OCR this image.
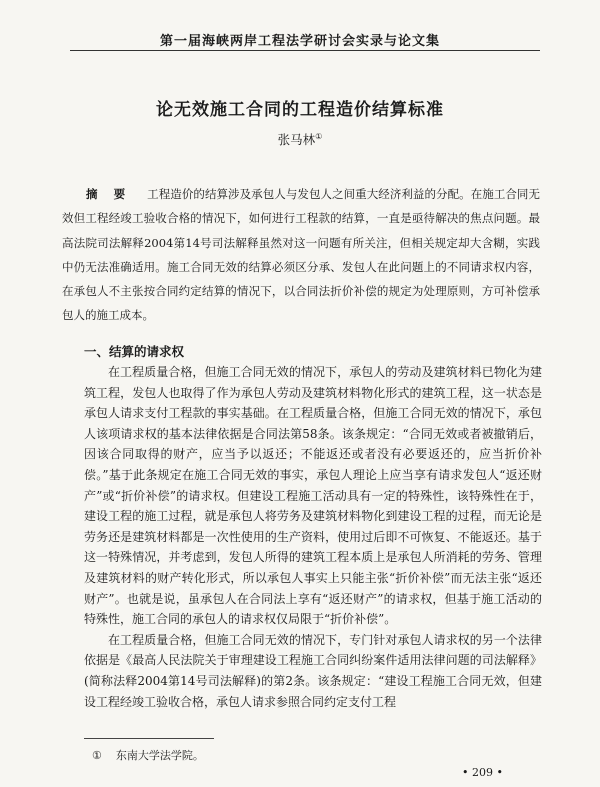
第一届海峡两岸工程法学研讨会实录与论文集
论无效施工合同的工程造价结算标准
张马林①
摘 要 工程造价的结算涉及承包人与发包人之间重大经济利益的分配。在施工合同无效但工程经竣工验收合格的情况下，如何进行工程款的结算，一直是亟待解决的焦点问题。最高法院司法解释2004第14号司法解释虽然对这一问题有所关注，但相关规定却大含糊，实践中仍无法准确适用。施工合同无效的结算必须区分承、发包人在此问题上的不同请求权内容，在承包人不主张按合同约定结算的情况下，以合同法折价补偿的规定为处理原则，方可补偿承包人的施工成本。
一、结算的请求权

在工程质量合格，但施工合同无效的情况下，承包人的劳动及建筑材料已物化为建筑工程，发包人也取得了作为承包人劳动及建筑材料物化形式的建筑工程，这一状态是承包人请求支付工程款的事实基础。在工程质量合格，但施工合同无效的情况下，承包人该项请求权的基本法律依据是合同法第58条。该条规定：“合同无效或者被撤销后，因该合同取得的财产，应当予以返还；不能返还或者没有必要返还的，应当折价补偿。”基于此条规定在施工合同无效的事实，承包人理论上应当享有请求发包人“返还财产”或“折价补偿”的请求权。但建设工程施工活动具有一定的特殊性，该特殊性在于，建设工程的施工过程，就是承包人将劳务及建筑材料物化到建设工程的过程，而无论是劳务还是建筑材料都是一次性使用的生产资料，使用过后即不可恢复、不能返还。基于这一特殊情况，并考虑到，发包人所得的建筑工程本质上是承包人所消耗的劳务、管理及建筑材料的财产转化形式，所以承包人事实上只能主张“折价补偿”而无法主张“返还财产”。也就是说，虽承包人在合同法上享有“返还财产”的请求权，但基于施工活动的特殊性，施工合同的承包人的请求权仅局限于“折价补偿”。

在工程质量合格，但施工合同无效的情况下，专门针对承包人请求权的另一个法律依据是《最高人民法院关于审理建设工程施工合同纠纷案件适用法律问题的司法解释》(简称法释2004第14号司法解释)的第2条。该条规定：“建设工程施工合同无效，但建设工程经竣工验收合格，承包人请求参照合同约定支付工程

① 东南大学法学院。
• 209 •
